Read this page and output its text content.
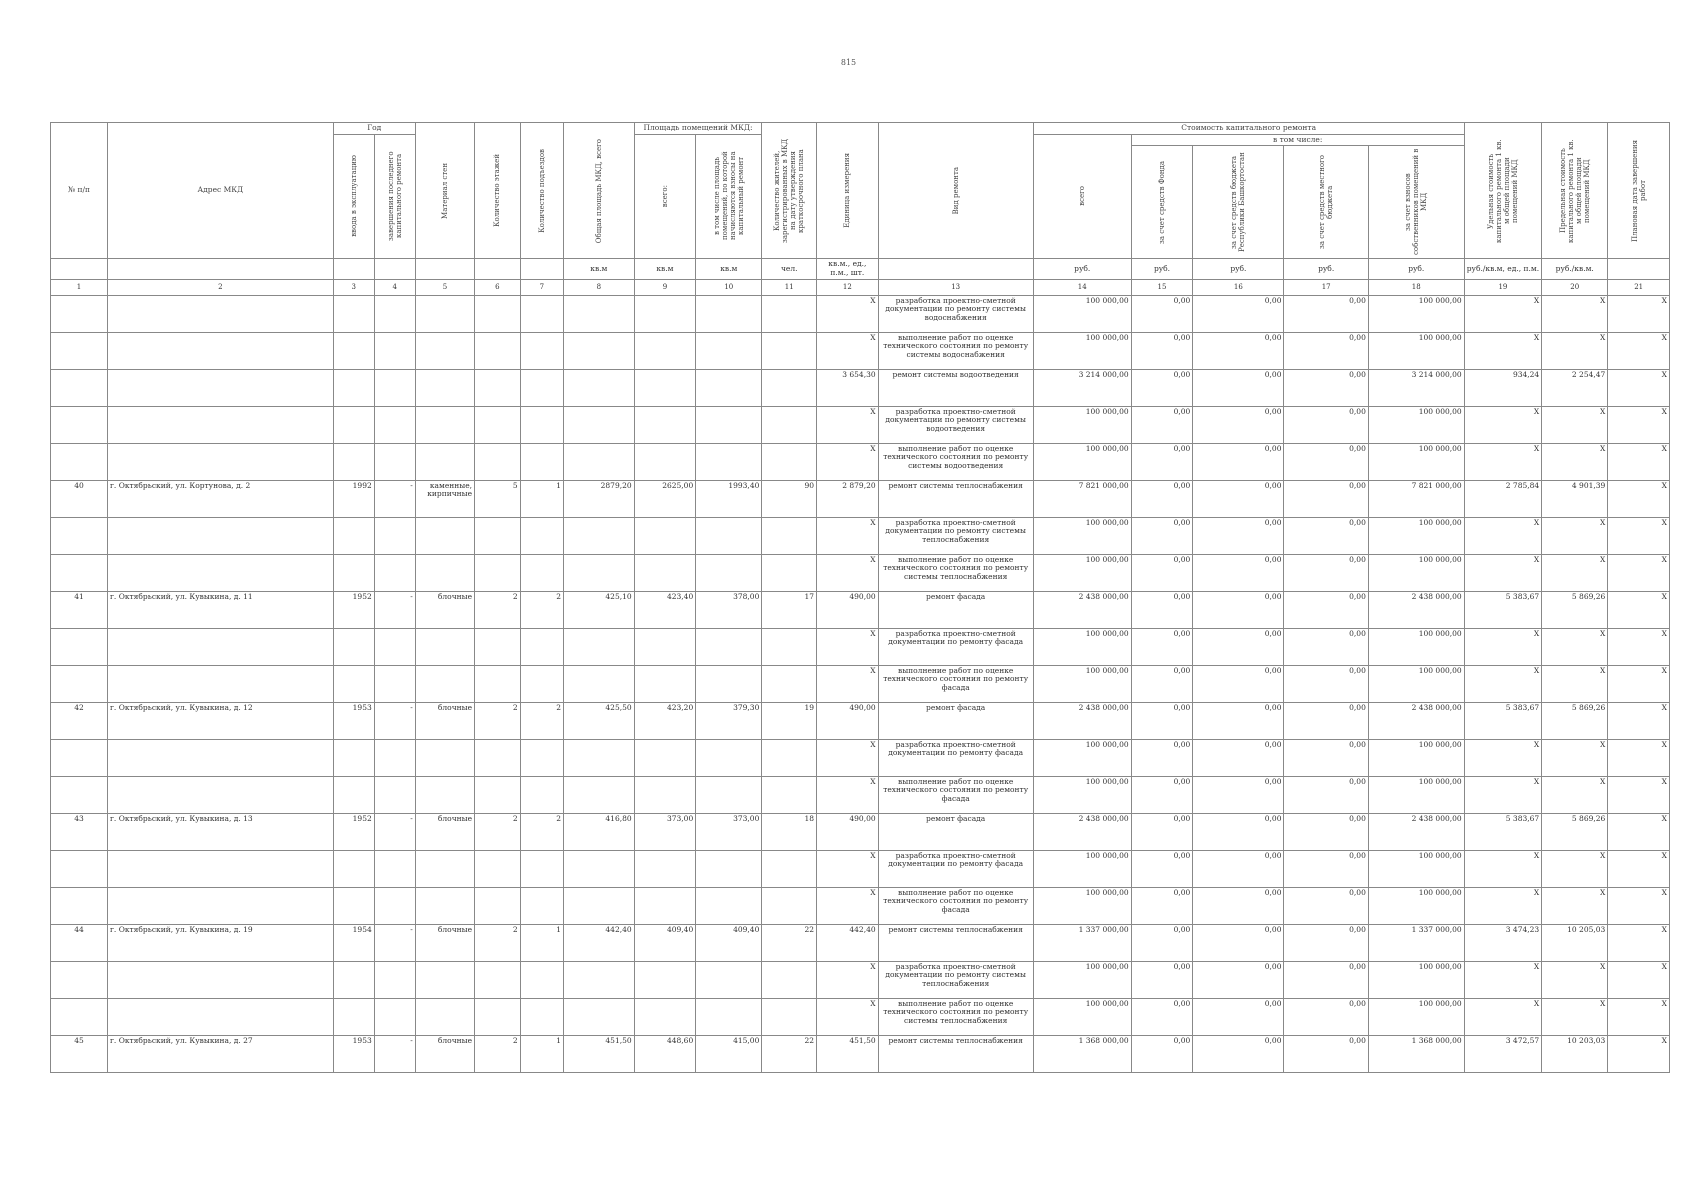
815
№ п/п	Адрес МКД	Год		Материал стен	Количество этажей	Количество подъездов	Общая площадь МКД, всего	Площадь помещений МКД:		Количество жителей, зарегистрированных в МКД на дату утверждения краткосрочного плана	Единица измерения	Вид ремонта	Стоимость капитального ремонта					Удельная стоимость капитального ремонта 1 кв. м общей площади помещений МКД	Предельная стоимость капитального ремонта 1 кв. м общей площади помещений МКД	Плановая дата завершения работ

		ввода в эксплуатацию	завершения последнего капитального ремонта					всего:	в том числе площадь помещений, по которой начисляются взносы на капитальный ремонт				всего	в том числе:						

														за счет средств Фонда	за счет средств бюджета Республики Башкортостан	за счет средств местного бюджета	за счет взносов собственников помещений в МКД			

							кв.м	кв.м	кв.м	чел.	кв.м., ед., п.м., шт.		руб.	руб.	руб.	руб.	руб.	руб./кв.м, ед., п.м.	руб./кв.м.	
1	2	3	4	5	6	7	8	9	10	11	12	13	14	15	16	17	18	19	20	21
											Х	разработка проектно-сметной документации по ремонту системы водоснабжения	100 000,00	0,00	0,00	0,00	100 000,00	Х	Х	Х
											Х	выполнение работ по оценке технического состояния по ремонту системы водоснабжения	100 000,00	0,00	0,00	0,00	100 000,00	Х	Х	Х
											3 654,30	ремонт системы водоотведения	3 214 000,00	0,00	0,00	0,00	3 214 000,00	934,24	2 254,47	Х
											Х	разработка проектно-сметной документации по ремонту системы водоотведения	100 000,00	0,00	0,00	0,00	100 000,00	Х	Х	Х
											Х	выполнение работ по оценке технического состояния по ремонту системы водоотведения	100 000,00	0,00	0,00	0,00	100 000,00	Х	Х	Х
40	г. Октябрьский, ул. Кортунова, д. 2	1992	-	каменные, кирпичные	5	1	2879,20	2625,00	1993,40	90	2 879,20	ремонт системы теплоснабжения	7 821 000,00	0,00	0,00	0,00	7 821 000,00	2 785,84	4 901,39	Х
											Х	разработка проектно-сметной документации по ремонту системы теплоснабжения	100 000,00	0,00	0,00	0,00	100 000,00	Х	Х	Х
											Х	выполнение работ по оценке технического состояния по ремонту системы теплоснабжения	100 000,00	0,00	0,00	0,00	100 000,00	Х	Х	Х
41	г. Октябрьский, ул. Кувыкина, д. 11	1952	-	блочные	2	2	425,10	423,40	378,00	17	490,00	ремонт фасада	2 438 000,00	0,00	0,00	0,00	2 438 000,00	5 383,67	5 869,26	Х
											Х	разработка проектно-сметной документации по ремонту фасада	100 000,00	0,00	0,00	0,00	100 000,00	Х	Х	Х
											Х	выполнение работ по оценке технического состояния по ремонту фасада	100 000,00	0,00	0,00	0,00	100 000,00	Х	Х	Х
42	г. Октябрьский, ул. Кувыкина, д. 12	1953	-	блочные	2	2	425,50	423,20	379,30	19	490,00	ремонт фасада	2 438 000,00	0,00	0,00	0,00	2 438 000,00	5 383,67	5 869,26	Х
											Х	разработка проектно-сметной документации по ремонту фасада	100 000,00	0,00	0,00	0,00	100 000,00	Х	Х	Х
											Х	выполнение работ по оценке технического состояния по ремонту фасада	100 000,00	0,00	0,00	0,00	100 000,00	Х	Х	Х
43	г. Октябрьский, ул. Кувыкина, д. 13	1952	-	блочные	2	2	416,80	373,00	373,00	18	490,00	ремонт фасада	2 438 000,00	0,00	0,00	0,00	2 438 000,00	5 383,67	5 869,26	Х
											Х	разработка проектно-сметной документации по ремонту фасада	100 000,00	0,00	0,00	0,00	100 000,00	Х	Х	Х
											Х	выполнение работ по оценке технического состояния по ремонту фасада	100 000,00	0,00	0,00	0,00	100 000,00	Х	Х	Х
44	г. Октябрьский, ул. Кувыкина, д. 19	1954	-	блочные	2	1	442,40	409,40	409,40	22	442,40	ремонт системы теплоснабжения	1 337 000,00	0,00	0,00	0,00	1 337 000,00	3 474,23	10 205,03	Х
											Х	разработка проектно-сметной документации по ремонту системы теплоснабжения	100 000,00	0,00	0,00	0,00	100 000,00	Х	Х	Х
											Х	выполнение работ по оценке технического состояния по ремонту системы теплоснабжения	100 000,00	0,00	0,00	0,00	100 000,00	Х	Х	Х
45	г. Октябрьский, ул. Кувыкина, д. 27	1953	-	блочные	2	1	451,50	448,60	415,00	22	451,50	ремонт системы теплоснабжения	1 368 000,00	0,00	0,00	0,00	1 368 000,00	3 472,57	10 203,03	Х
